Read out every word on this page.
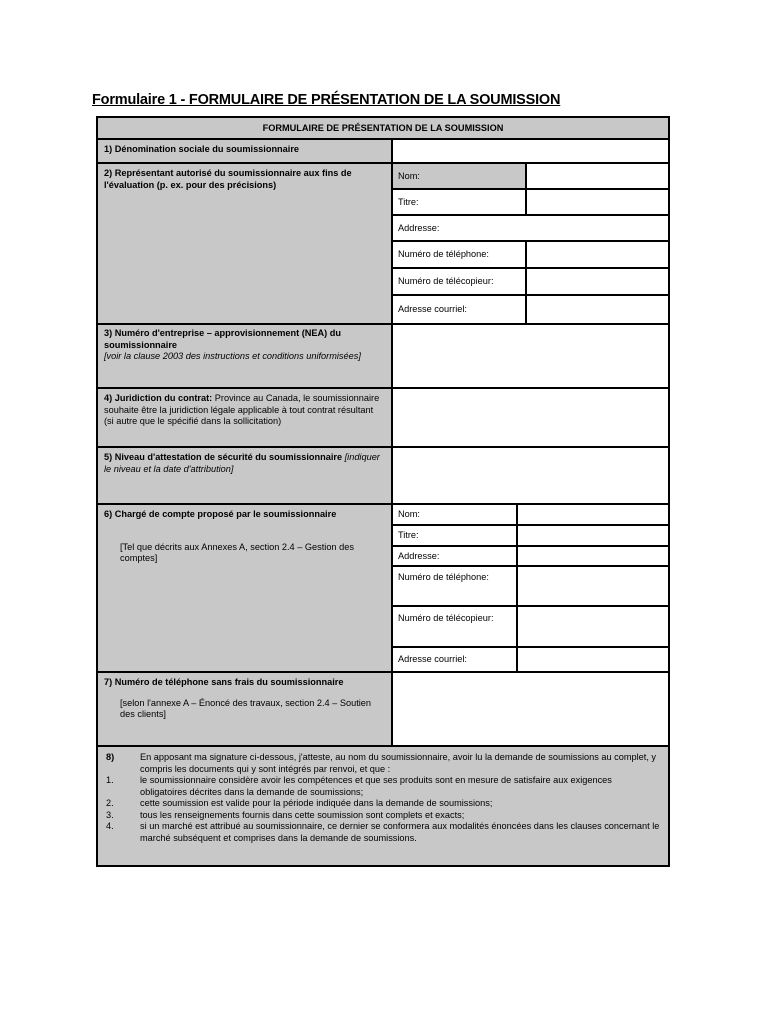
Formulaire 1 - FORMULAIRE DE PRÉSENTATION DE LA SOUMISSION
FORMULAIRE DE PRÉSENTATION DE LA SOUMISSION
1) Dénomination sociale du soumissionnaire
2) Représentant autorisé du soumissionnaire aux fins de l'évaluation (p. ex. pour des précisions)
Nom:
Titre:
Addresse:
Numéro de téléphone:
Numéro de télécopieur:
Adresse courriel:
3) Numéro d'entreprise – approvisionnement (NEA) du soumissionnaire
[voir la clause 2003 des instructions et conditions uniformisées]
4) Juridiction du contrat: Province au Canada, le soumissionnaire souhaite être la juridiction légale applicable à tout contrat résultant (si autre que le spécifié dans la sollicitation)
5) Niveau d'attestation de sécurité du soumissionnaire [indiquer le niveau et la date d'attribution]
6) Chargé de compte proposé par le soumissionnaire
[Tel que décrits aux Annexes A, section 2.4 – Gestion des comptes]
Nom:
Titre:
Addresse:
Numéro de téléphone:
Numéro de télécopieur:
Adresse courriel:
7) Numéro de téléphone sans frais du soumissionnaire
[selon l'annexe A – Énoncé des travaux, section 2.4 – Soutien des clients]
8)	En apposant ma signature ci-dessous, j'atteste, au nom du soumissionnaire, avoir lu la demande de soumissions au complet, y compris les documents qui y sont intégrés par renvoi, et que :
1.	le soumissionnaire considère avoir les compétences et que ses produits sont en mesure de satisfaire aux exigences obligatoires décrites dans la demande de soumissions;
2.	cette soumission est valide pour la période indiquée dans la demande de soumissions;
3.	tous les renseignements fournis dans cette soumission sont complets et exacts;
4.	si un marché est attribué au soumissionnaire, ce dernier se conformera aux modalités énoncées dans les clauses concernant le marché subséquent et comprises dans la demande de soumissions.
